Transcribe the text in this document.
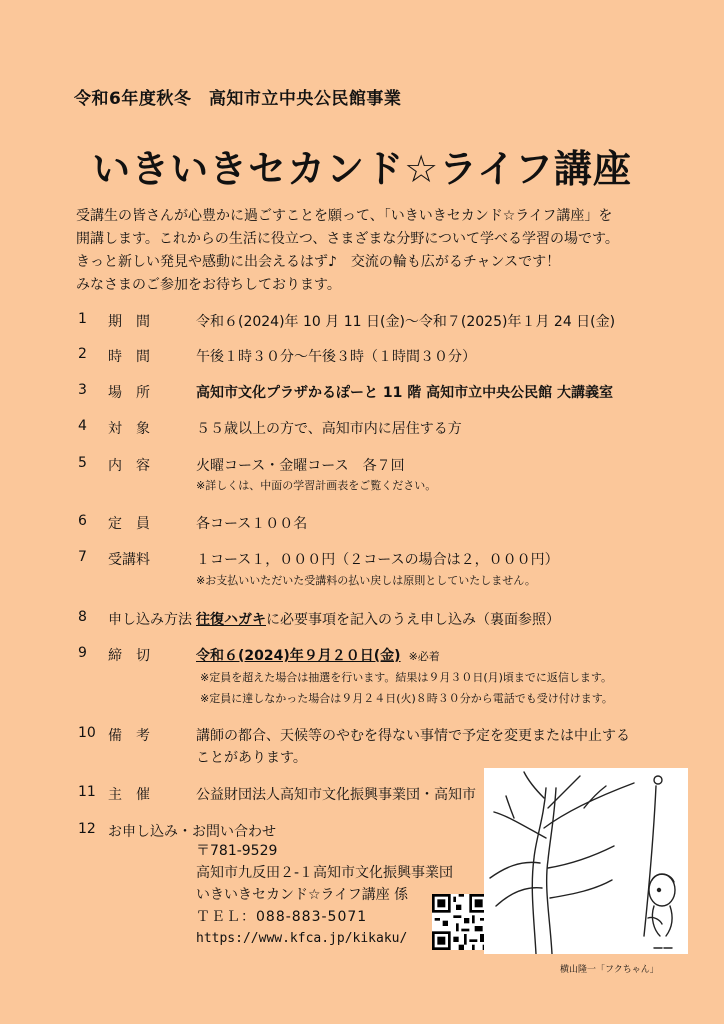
令和6年度秋冬　高知市立中央公民館事業
いきいきセカンド☆ライフ講座
受講生の皆さんが心豊かに過ごすことを願って、「いきいきセカンド☆ライフ講座」を
開講します。これからの生活に役立つ、さまざまな分野について学べる学習の場です。
きっと新しい発見や感動に出会えるはず♪　交流の輪も広がるチャンスです！
みなさまのご参加をお待ちしております。
1	期　間	令和６(2024)年 10 月 11 日(金)～令和７(2025)年１月 24 日(金)
2	時　間	午後１時３０分～午後３時（１時間３０分）
3	場　所	高知市文化プラザかるぽーと 11 階 高知市立中央公民館 大講義室
4	対　象	５５歳以上の方で、高知市内に居住する方
5	内　容	火曜コース・金曜コース　各７回
※詳しくは、中面の学習計画表をご覧ください。
6	定　員	各コース１００名
7	受講料	１コース１，０００円（２コースの場合は２，０００円）
※お支払いいただいた受講料の払い戻しは原則としていたしません。
8	申し込み方法 往復ハガキに必要事項を記入のうえ申し込み（裏面参照）
9	締　切	令和６(2024)年９月２０日(金) ※必着
※定員を超えた場合は抽選を行います。結果は９月３０日(月)頃までに返信します。
※定員に達しなかった場合は９月２４日(火)８時３０分から電話でも受け付けます。
10 備　考	講師の都合、天候等のやむを得ない事情で予定を変更または中止する
ことがあります。
11 主　催	公益財団法人高知市文化振興事業団・高知市
12 お申し込み・お問い合わせ
〒781-9529
高知市九反田２-１高知市文化振興事業団
いきいきセカンド☆ライフ講座 係
ＴＥＬ：088-883-5071
https://www.kfca.jp/kikaku/
横山隆一「フクちゃん」
